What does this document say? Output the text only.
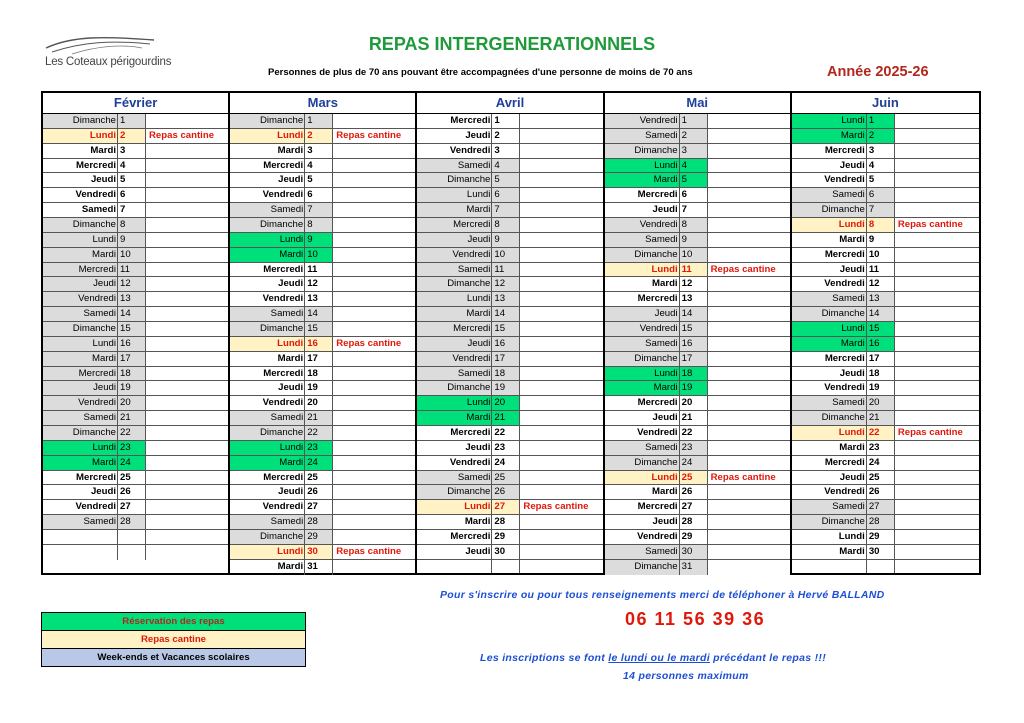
Les Coteaux périgourdins
REPAS INTERGENERATIONNELS
Personnes de plus de 70 ans pouvant être accompagnées d'une personne de moins de 70 ans	Année 2025-26
Février
Dimanche 1
Lundi 2	Repas cantine
Mardi 3
Mercredi 4
Jeudi 5
Vendredi 6
Samedi 7
Dimanche 8
Lundi 9
Mardi 10
Mercredi 11
Jeudi 12
Vendredi 13
Samedi 14
Dimanche 15
Lundi 16
Mardi 17
Mercredi 18
Jeudi 19
Vendredi 20
Samedi 21
Dimanche 22
Lundi 23
Mardi 24
Mercredi 25
Jeudi 26
Vendredi 27
Samedi 28
Mars
Dimanche 1
Lundi 2	Repas cantine
Mardi 3
Mercredi 4
Jeudi 5
Vendredi 6
Samedi 7
Dimanche 8
Lundi 9
Mardi 10
Mercredi 11
Jeudi 12
Vendredi 13
Samedi 14
Dimanche 15
Lundi 16	Repas cantine
Mardi 17
Mercredi 18
Jeudi 19
Vendredi 20
Samedi 21
Dimanche 22
Lundi 23
Mardi 24
Mercredi 25
Jeudi 26
Vendredi 27
Samedi 28
Dimanche 29
Lundi 30	Repas cantine
Mardi 31
Avril
Mercredi 1
Jeudi 2
Vendredi 3
Samedi 4
Dimanche 5
Lundi 6
Mardi 7
Mercredi 8
Jeudi 9
Vendredi 10
Samedi 11
Dimanche 12
Lundi 13
Mardi 14
Mercredi 15
Jeudi 16
Vendredi 17
Samedi 18
Dimanche 19
Lundi 20
Mardi 21
Mercredi 22
Jeudi 23
Vendredi 24
Samedi 25
Dimanche 26
Lundi 27	Repas cantine
Mardi 28
Mercredi 29
Jeudi 30
Mai
Vendredi 1
Samedi 2
Dimanche 3
Lundi 4
Mardi 5
Mercredi 6
Jeudi 7
Vendredi 8
Samedi 9
Dimanche 10
Lundi 11	Repas cantine
Mardi 12
Mercredi 13
Jeudi 14
Vendredi 15
Samedi 16
Dimanche 17
Lundi 18
Mardi 19
Mercredi 20
Jeudi 21
Vendredi 22
Samedi 23
Dimanche 24
Lundi 25	Repas cantine
Mardi 26
Mercredi 27
Jeudi 28
Vendredi 29
Samedi 30
Dimanche 31
Juin
Lundi 1
Mardi 2
Mercredi 3
Jeudi 4
Vendredi 5
Samedi 6
Dimanche 7
Lundi 8	Repas cantine
Mardi 9
Mercredi 10
Jeudi 11
Vendredi 12
Samedi 13
Dimanche 14
Lundi 15
Mardi 16
Mercredi 17
Jeudi 18
Vendredi 19
Samedi 20
Dimanche 21
Lundi 22	Repas cantine
Mardi 23
Mercredi 24
Jeudi 25
Vendredi 26
Samedi 27
Dimanche 28
Lundi 29
Mardi 30
Réservation des repas
Repas cantine
Week-ends et Vacances scolaires
Pour s'inscrire ou pour tous renseignements merci de téléphoner à Hervé BALLAND
06 11 56 39 36
Les inscriptions se font le lundi ou le mardi précédant le repas !!!
14 personnes maximum
